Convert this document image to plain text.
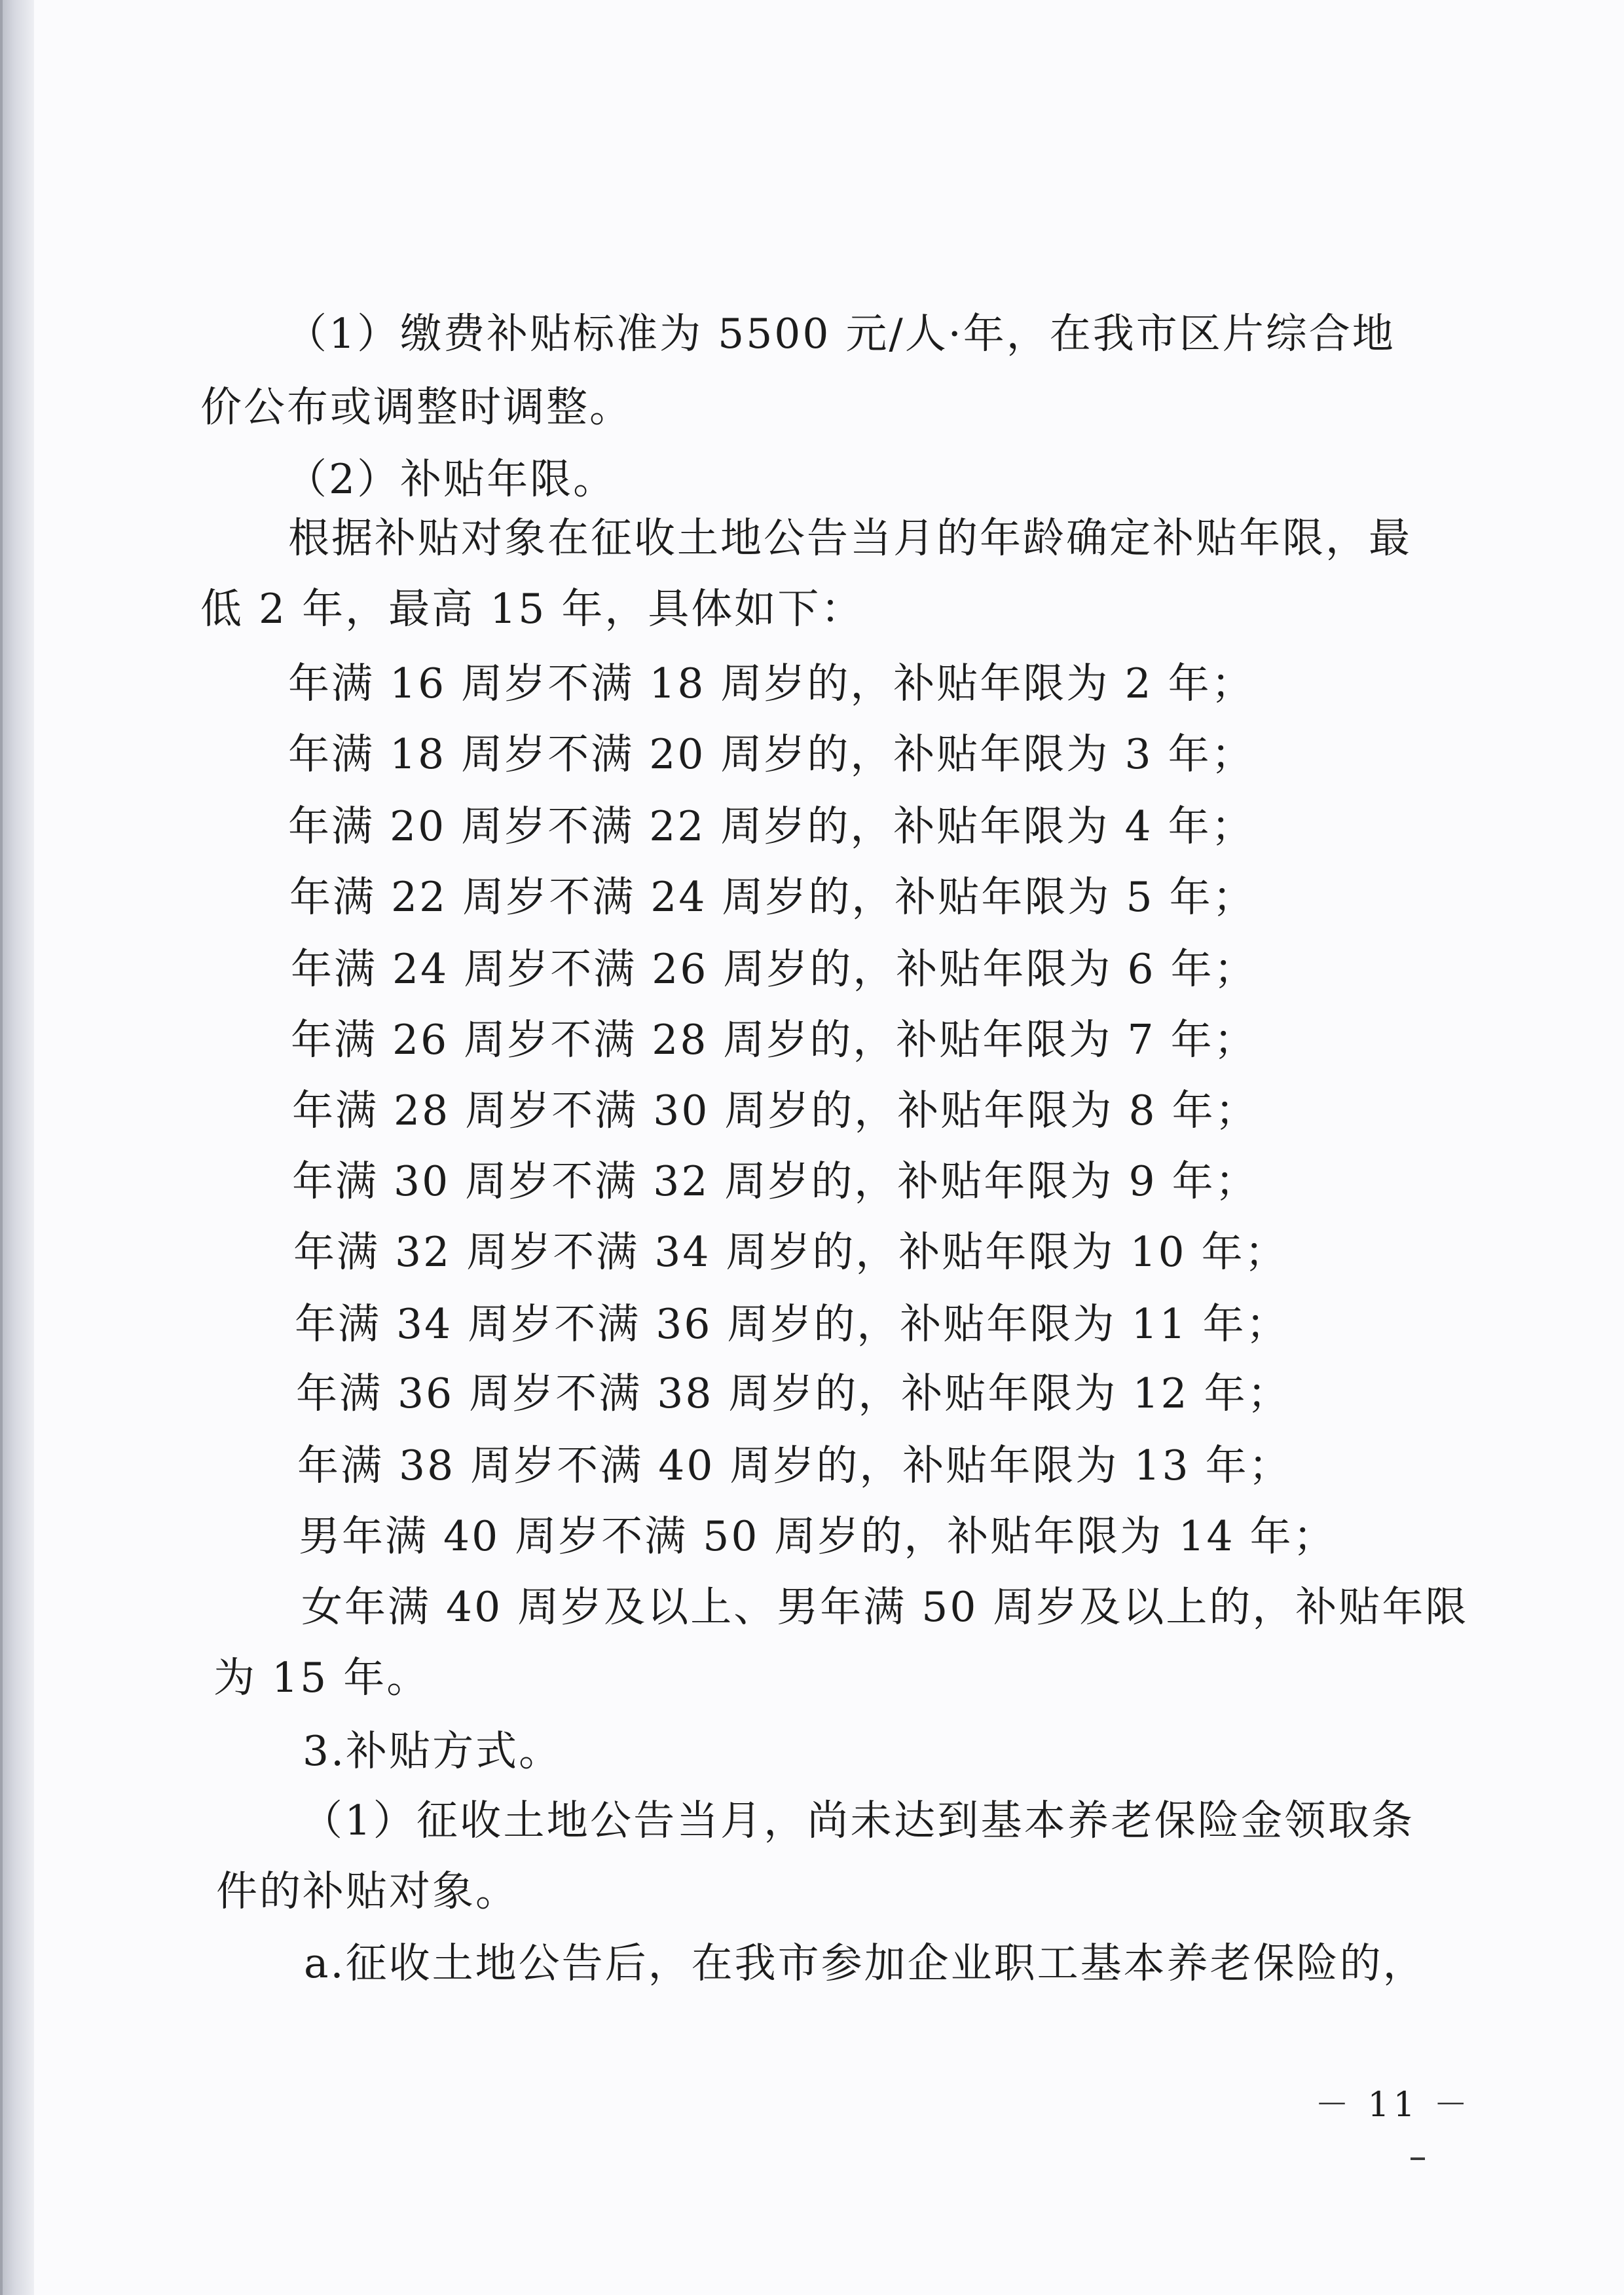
（1）缴费补贴标准为 5500 元/人·年，在我市区片综合地

价公布或调整时调整。

（2）补贴年限。

根据补贴对象在征收土地公告当月的年龄确定补贴年限，最

低 2 年，最高 15 年，具体如下：

年满 16 周岁不满 18 周岁的，补贴年限为 2 年；

年满 18 周岁不满 20 周岁的，补贴年限为 3 年；

年满 20 周岁不满 22 周岁的，补贴年限为 4 年；

年满 22 周岁不满 24 周岁的，补贴年限为 5 年；

年满 24 周岁不满 26 周岁的，补贴年限为 6 年；

年满 26 周岁不满 28 周岁的，补贴年限为 7 年；

年满 28 周岁不满 30 周岁的，补贴年限为 8 年；

年满 30 周岁不满 32 周岁的，补贴年限为 9 年；

年满 32 周岁不满 34 周岁的，补贴年限为 10 年；

年满 34 周岁不满 36 周岁的，补贴年限为 11 年；

年满 36 周岁不满 38 周岁的，补贴年限为 12 年；

年满 38 周岁不满 40 周岁的，补贴年限为 13 年；

男年满 40 周岁不满 50 周岁的，补贴年限为 14 年；

女年满 40 周岁及以上、男年满 50 周岁及以上的，补贴年限

为 15 年。

3.补贴方式。

（1）征收土地公告当月，尚未达到基本养老保险金领取条

件的补贴对象。

a.征收土地公告后，在我市参加企业职工基本养老保险的，

－ 11 －
